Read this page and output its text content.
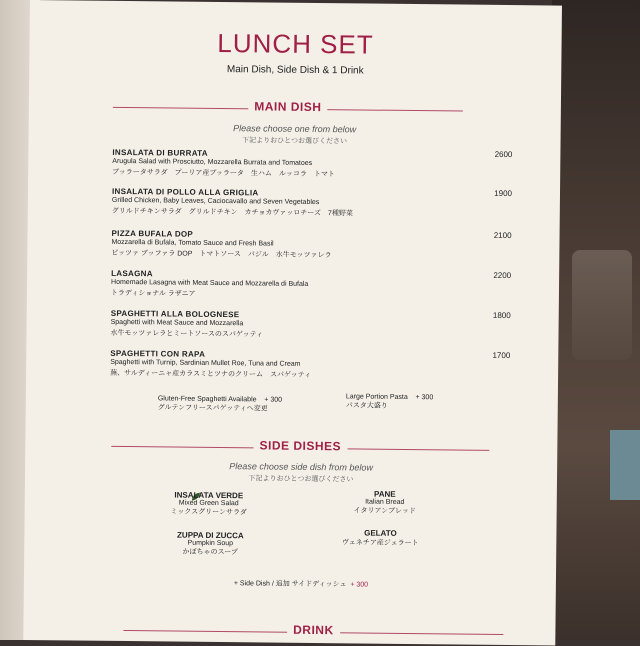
LUNCH SET
Main Dish, Side Dish & 1 Drink
MAIN DISH
Please choose one from below
下記よりおひとつお選びください
INSALATA DI BURRATA
Arugula Salad with Prosciutto, Mozzarella Burrata and Tomatoes
ブッラータサラダ　プーリア産ブッラータ　生ハム　ルッコラ　トマト
2600
INSALATA DI POLLO ALLA GRIGLIA
Grilled Chicken, Baby Leaves, Caciocavallo and Seven Vegetables
グリルドチキンサラダ　グリルドチキン　カチョカヴァッロチーズ　7種野菜
1900
PIZZA BUFALA DOP
Mozzarella di Bufala, Tomato Sauce and Fresh Basil
ピッツァ ブッファラ DOP　トマトソース　バジル　水牛モッツァレラ
2100
LASAGNA
Homemade Lasagna with Meat Sauce and Mozzarella di Bufala
トラディショナル ラザニア
2200
SPAGHETTI ALLA BOLOGNESE
Spaghetti with Meat Sauce and Mozzarella
水牛モッツァレラとミートソースのスパゲッティ
1800
SPAGHETTI CON RAPA
Spaghetti with Turnip, Sardinian Mullet Roe, Tuna and Cream
蕪、サルディーニャ産カラスミとツナのクリーム　スパゲッティ
1700
Gluten-Free Spaghetti Available + 300
グルテンフリースパゲッティへ変更
Large Portion Pasta + 300
パスタ大盛り
SIDE DISHES
Please choose side dish from below
下記よりおひとつお選びください
INSALATA VERDE
Mixed Green Salad
ミックスグリーンサラダ
PANE
Italian Bread
イタリアンブレッド
ZUPPA DI ZUCCA
Pumpkin Soup
かぼちゃのスープ
GELATO
ヴェネチア産ジェラート
+ Side Dish / 追加 サイドディッシュ + 300
DRINK
